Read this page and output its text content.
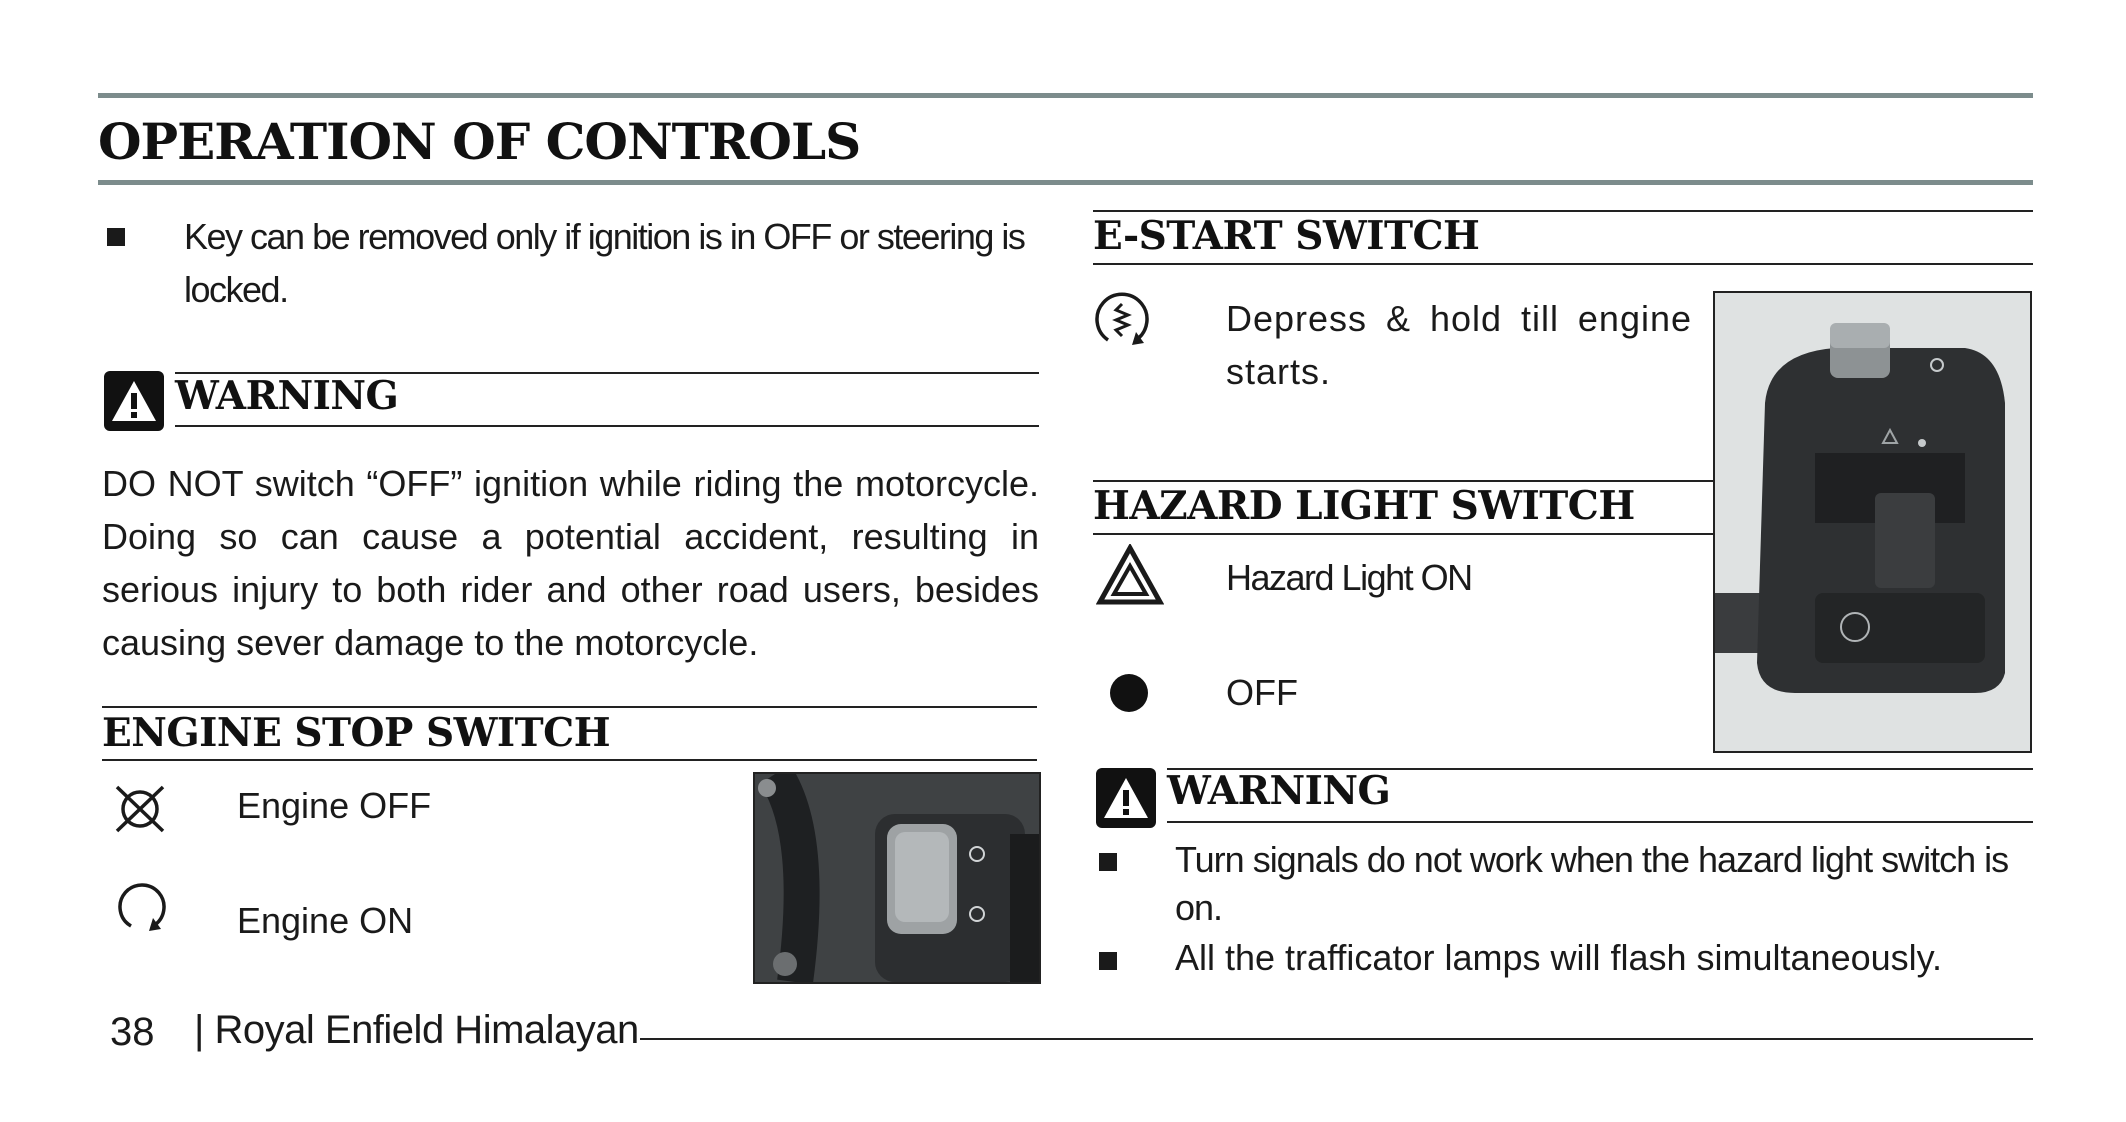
OPERATION OF CONTROLS
Key can be removed only if ignition is in OFF or steering is locked.
WARNING
DO NOT switch “OFF” ignition while riding the motorcycle. Doing so can cause a potential accident, resulting in serious injury to both rider and other road users, besides causing sever damage to the motorcycle.
ENGINE STOP SWITCH
Engine OFF
Engine ON
38 | Royal Enfield Himalayan
E-START SWITCH
Depress & hold till engine starts.
HAZARD LIGHT SWITCH
Hazard Light ON
OFF
WARNING
Turn signals do not work when the hazard light switch is on.
All the trafficator lamps will flash simultaneously.
